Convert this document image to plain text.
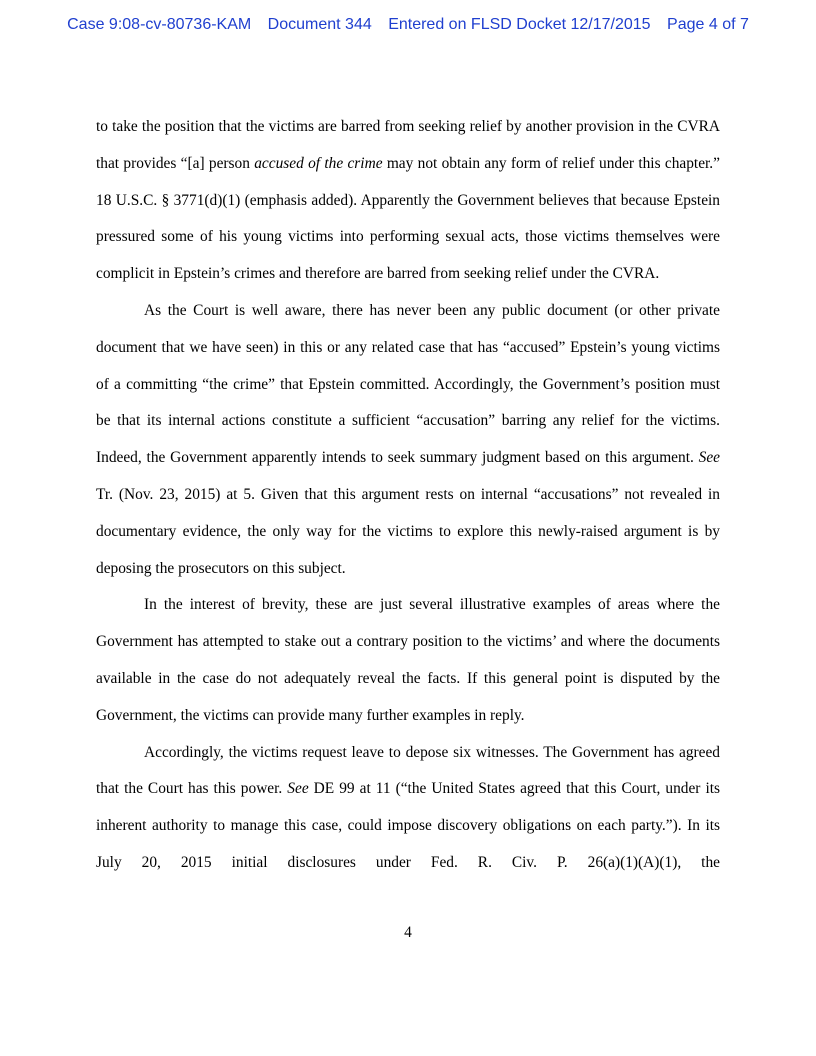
Case 9:08-cv-80736-KAM Document 344 Entered on FLSD Docket 12/17/2015 Page 4 of 7

to take the position that the victims are barred from seeking relief by another provision in the CVRA that provides “[a] person accused of the crime may not obtain any form of relief under this chapter.” 18 U.S.C. § 3771(d)(1) (emphasis added). Apparently the Government believes that because Epstein pressured some of his young victims into performing sexual acts, those victims themselves were complicit in Epstein’s crimes and therefore are barred from seeking relief under the CVRA.

As the Court is well aware, there has never been any public document (or other private document that we have seen) in this or any related case that has “accused” Epstein’s young victims of a committing “the crime” that Epstein committed. Accordingly, the Government’s position must be that its internal actions constitute a sufficient “accusation” barring any relief for the victims. Indeed, the Government apparently intends to seek summary judgment based on this argument. See Tr. (Nov. 23, 2015) at 5. Given that this argument rests on internal “accusations” not revealed in documentary evidence, the only way for the victims to explore this newly-raised argument is by deposing the prosecutors on this subject.

In the interest of brevity, these are just several illustrative examples of areas where the Government has attempted to stake out a contrary position to the victims’ and where the documents available in the case do not adequately reveal the facts. If this general point is disputed by the Government, the victims can provide many further examples in reply.

Accordingly, the victims request leave to depose six witnesses. The Government has agreed that the Court has this power. See DE 99 at 11 (“the United States agreed that this Court, under its inherent authority to manage this case, could impose discovery obligations on each party.”). In its July 20, 2015 initial disclosures under Fed. R. Civ. P. 26(a)(1)(A)(1), the

4
